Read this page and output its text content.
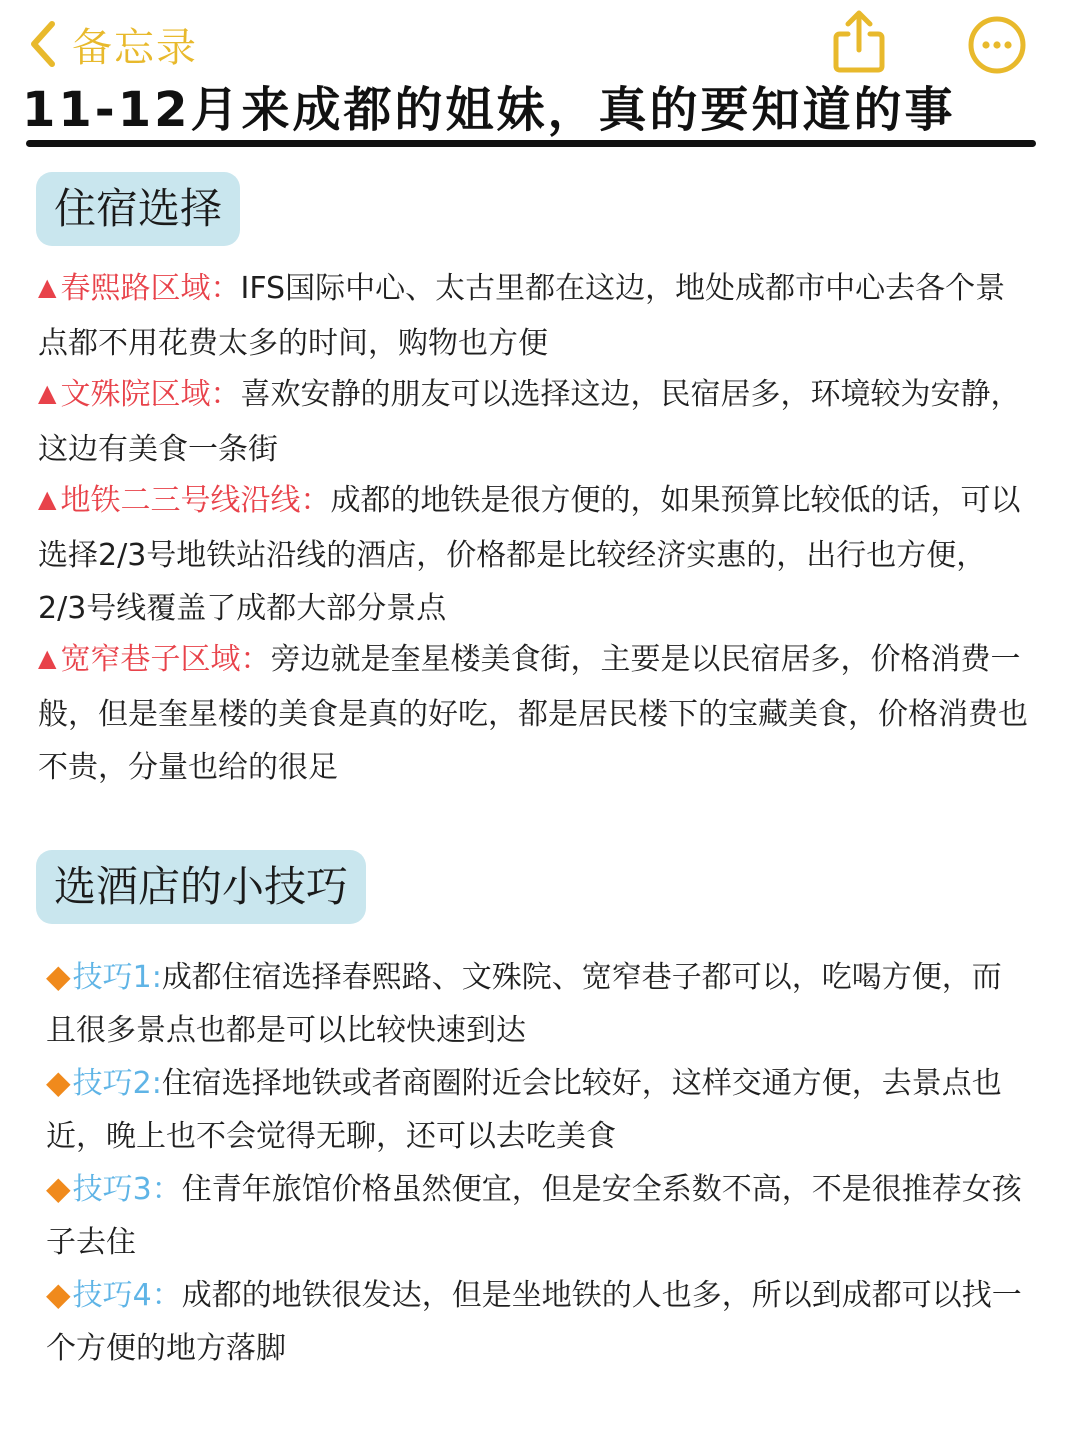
备忘录
11-12月来成都的姐妹，真的要知道的事
住宿选择

▲ 春熙路区域：IFS国际中心、太古里都在这边，地处成都市中心去各个景点都不用花费太多的时间，购物也方便

▲ 文殊院区域：喜欢安静的朋友可以选择这边，民宿居多，环境较为安静，这边有美食一条街

▲ 地铁二三号线沿线：成都的地铁是很方便的，如果预算比较低的话，可以选择2/3号地铁站沿线的酒店，价格都是比较经济实惠的，出行也方便，2/3号线覆盖了成都大部分景点

▲ 宽窄巷子区域：旁边就是奎星楼美食街，主要是以民宿居多，价格消费一般，但是奎星楼的美食是真的好吃，都是居民楼下的宝藏美食，价格消费也不贵，分量也给的很足

选酒店的小技巧

◆技巧1:成都住宿选择春熙路、文殊院、宽窄巷子都可以，吃喝方便，而且很多景点也都是可以比较快速到达

◆技巧2:住宿选择地铁或者商圈附近会比较好，这样交通方便，去景点也近，晚上也不会觉得无聊，还可以去吃美食

◆技巧3：住青年旅馆价格虽然便宜，但是安全系数不高，不是很推荐女孩子去住

◆技巧4：成都的地铁很发达，但是坐地铁的人也多，所以到成都可以找一个方便的地方落脚
